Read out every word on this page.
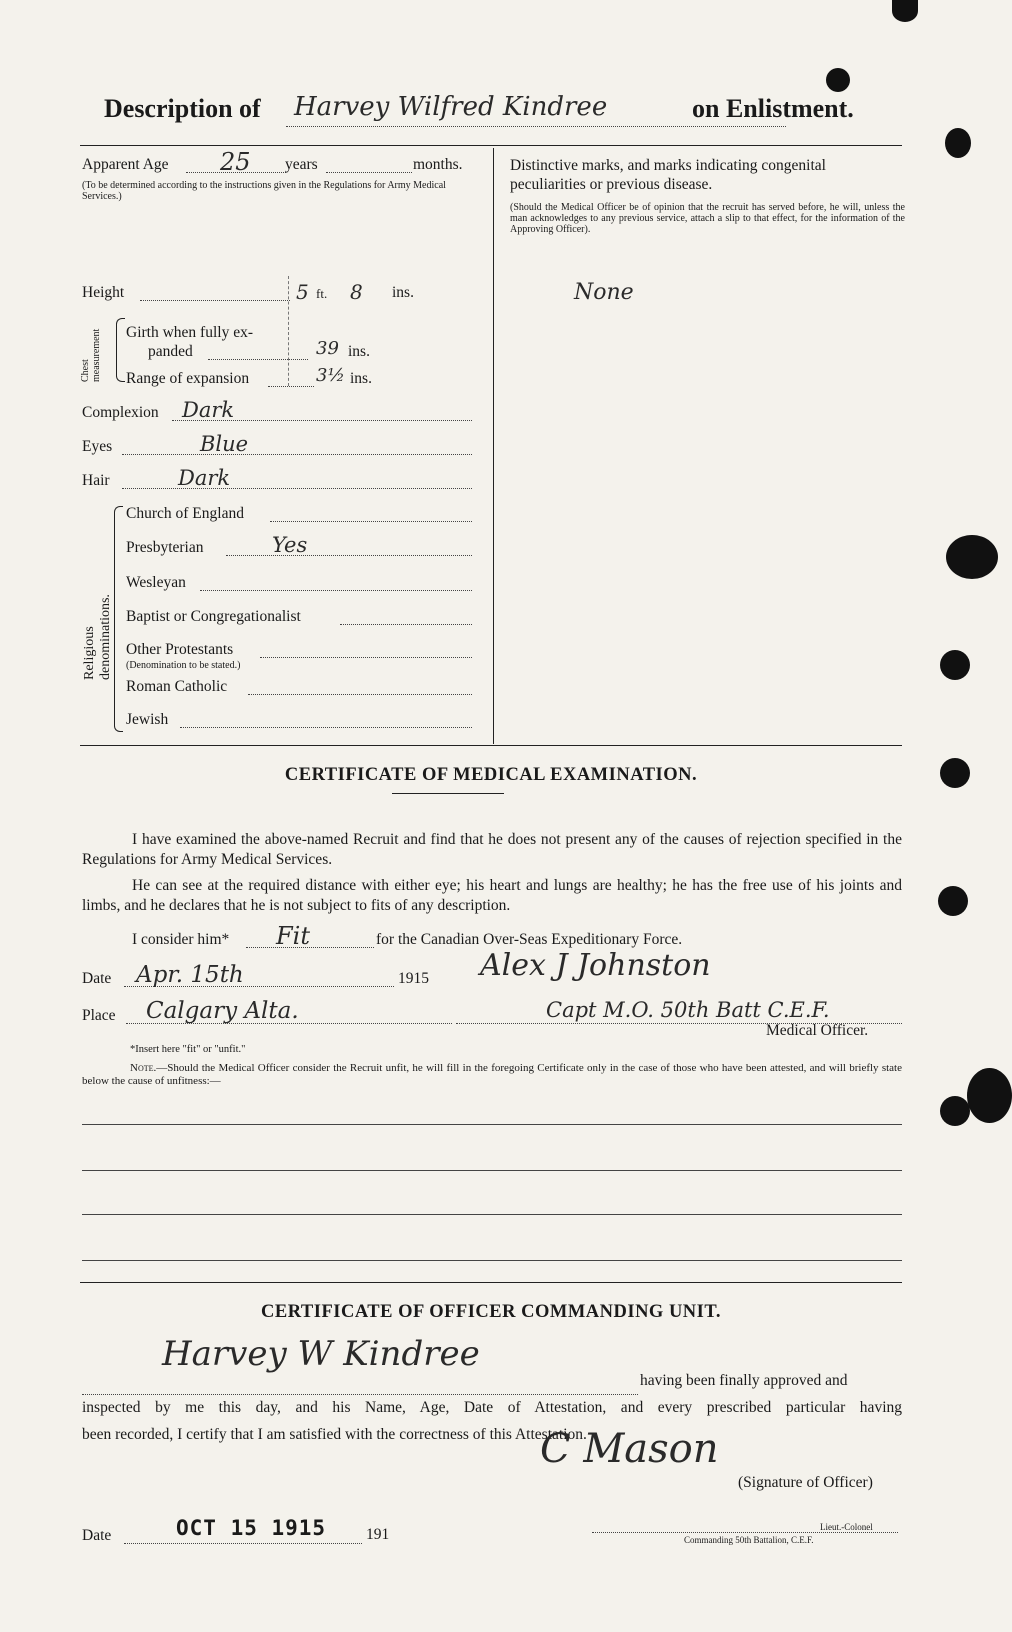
Description of Harvey Wilfred Kindree	on Enlistment.
Apparent Age 25 years	months.
(To be determined according to the instructions given in the Regulations for Army Medical Services.)
Height	5 ft. 8 ins.
Chest measurement Girth when fully ex-
panded	39 ins.
Range of expansion	3½ ins.
Complexion Dark
Eyes	Blue
Hair	Dark
Religious denominations.
Church of England
Presbyterian	Yes
Wesleyan
Baptist or Congregationalist
Other Protestants
(Denomination to be stated.)
Roman Catholic
Jewish
Distinctive marks, and marks indicating congenital peculiarities or previous disease.
(Should the Medical Officer be of opinion that the recruit has served before, he will, unless the man acknowledges to any previous service, attach a slip to that effect, for the information of the Approving Officer).
None
CERTIFICATE OF MEDICAL EXAMINATION.
I have examined the above-named Recruit and find that he does not present any of the causes of rejection specified in the Regulations for Army Medical Services.
He can see at the required distance with either eye; his heart and lungs are healthy; he has the free use of his joints and limbs, and he declares that he is not subject to fits of any description.
I consider him* Fit	for the Canadian Over-Seas Expeditionary Force.
Date Apr. 15th	1915 Alex J Johnston
Place Calgary Alta.	Capt M.O. 50th Batt C.E.F.
Medical Officer.
*Insert here "fit" or "unfit."
Note.—Should the Medical Officer consider the Recruit unfit, he will fill in the foregoing Certificate only in the case of those who have been attested, and will briefly state below the cause of unfitness:—
CERTIFICATE OF OFFICER COMMANDING UNIT.
Harvey W Kindree
having been finally approved and
inspected by me this day, and his Name, Age, Date of Attestation, and every prescribed particular having
been recorded, I certify that I am satisfied with the correctness of this Attestation.
C Mason
(Signature of Officer)
Date	OCT 15 1915	191	Lieut.-Colonel
Commanding 50th Battalion, C.E.F.
